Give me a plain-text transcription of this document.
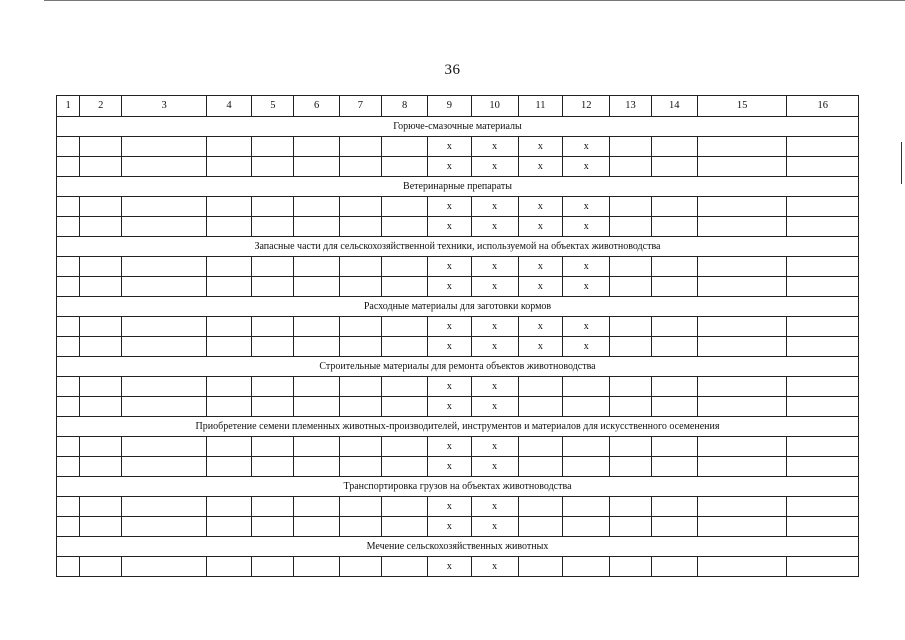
36
1	2	3	4	5	6	7	8	9	10	11	12	13	14	15	16
Горюче-смазочные материалы															
								х	х	х	х				
								х	х	х	х				
Ветеринарные препараты															
								х	х	х	х				
								х	х	х	х				
Запасные части для сельскохозяйственной техники, используемой на объектах животноводства															
								х	х	х	х				
								х	х	х	х				
Расходные материалы для заготовки кормов															
								х	х	х	х				
								х	х	х	х				
Строительные материалы для ремонта объектов животноводства															
								х	х						
								х	х						
Приобретение семени племенных животных-производителей, инструментов и материалов для искусственного осеменения															
								х	х						
								х	х						
Транспортировка грузов на объектах животноводства															
								х	х						
								х	х						
Мечение сельскохозяйственных животных															
								х	х						
